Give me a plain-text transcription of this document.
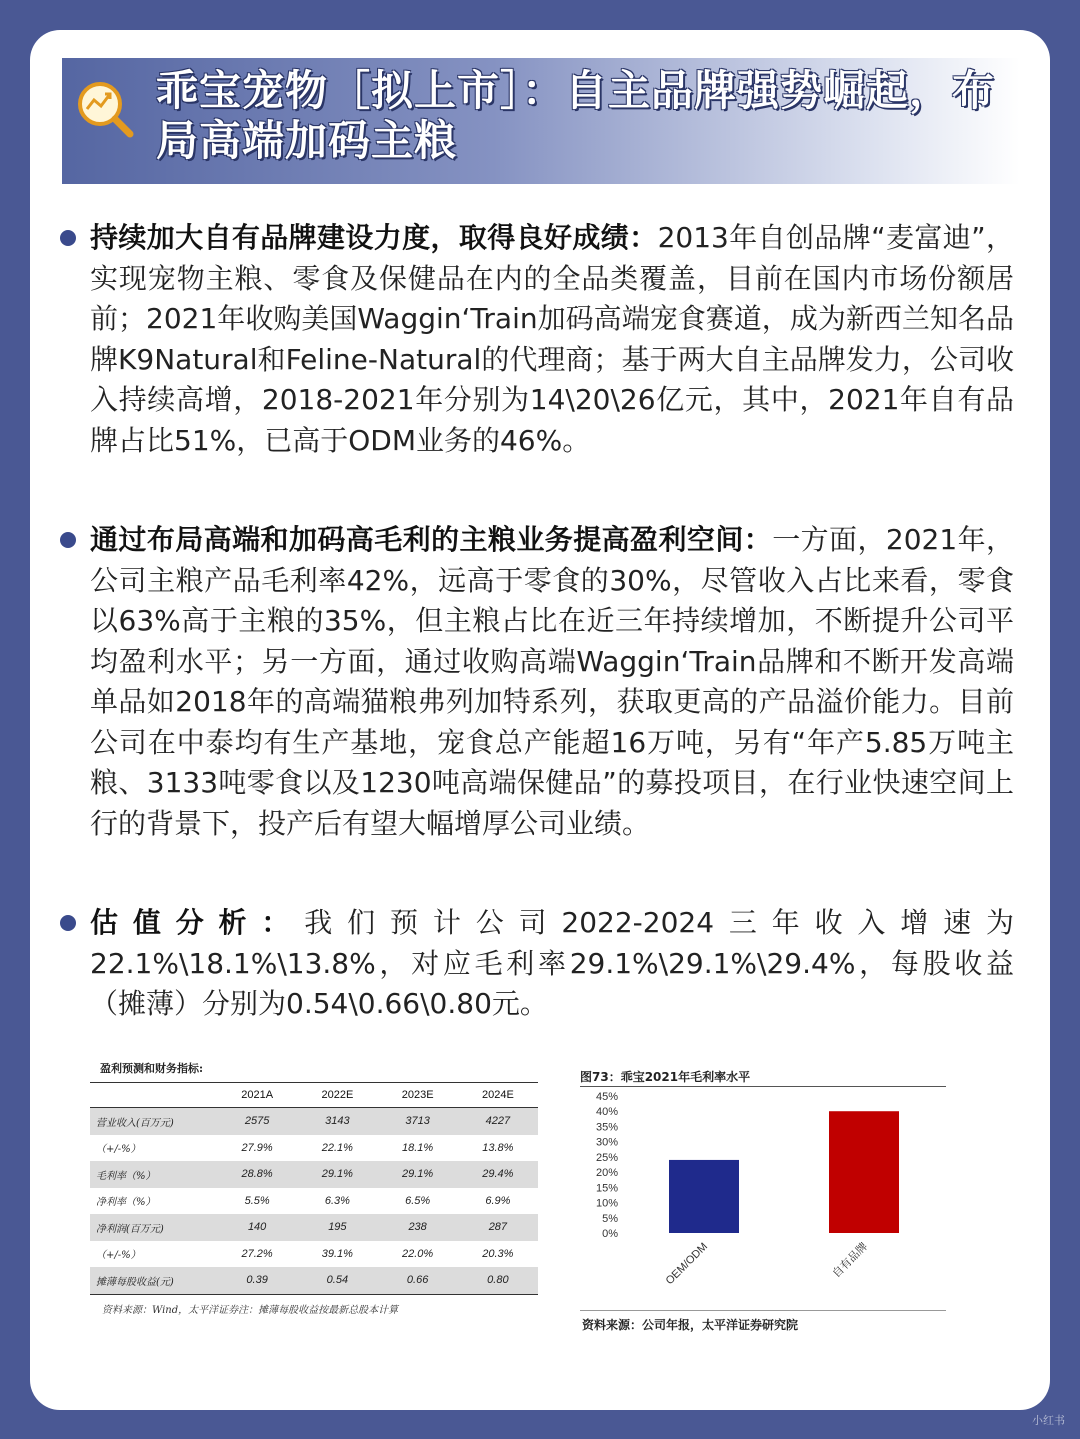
乖宝宠物［拟上市］：自主品牌强势崛起，布局高端加码主粮
持续加大自有品牌建设力度，取得良好成绩：2013年自创品牌“麦富迪”，实现宠物主粮、零食及保健品在内的全品类覆盖，目前在国内市场份额居前；2021年收购美国Waggin‘Train加码高端宠食赛道，成为新西兰知名品牌K9Natural和Feline-Natural的代理商；基于两大自主品牌发力，公司收入持续高增，2018-2021年分别为14\20\26亿元，其中，2021年自有品牌占比51%，已高于ODM业务的46%。
通过布局高端和加码高毛利的主粮业务提高盈利空间：一方面，2021年，公司主粮产品毛利率42%，远高于零食的30%，尽管收入占比来看，零食以63%高于主粮的35%，但主粮占比在近三年持续增加，不断提升公司平均盈利水平；另一方面，通过收购高端Waggin‘Train品牌和不断开发高端单品如2018年的高端猫粮弗列加特系列，获取更高的产品溢价能力。目前公司在中泰均有生产基地，宠食总产能超16万吨，另有“年产5.85万吨主粮、3133吨零食以及1230吨高端保健品”的募投项目，在行业快速空间上行的背景下，投产后有望大幅增厚公司业绩。
估值分析：我们预计公司2022-2024三年收入增速为22.1%\18.1%\13.8%，对应毛利率29.1%\29.1%\29.4%，每股收益（摊薄）分别为0.54\0.66\0.80元。
盈利预测和财务指标:
	2021A	2022E	2023E	2024E
营业收入(百万元)	2575	3143	3713	4227
（+/-%）	27.9%	22.1%	18.1%	13.8%
毛利率（%）	28.8%	29.1%	29.1%	29.4%
净利率（%）	5.5%	6.3%	6.5%	6.9%
净利润(百万元)	140	195	238	287
（+/-%）	27.2%	39.1%	22.0%	20.3%
摊薄每股收益(元)	0.39	0.54	0.66	0.80
资料来源：Wind，太平洋证券注：摊薄每股收益按最新总股本计算
图73：乖宝2021年毛利率水平
0%
5%
10%
15%
20%
25%
30%
35%
40%
45%
OEM/ODM	自有品牌
资料来源：公司年报，太平洋证券研究院
小红书
